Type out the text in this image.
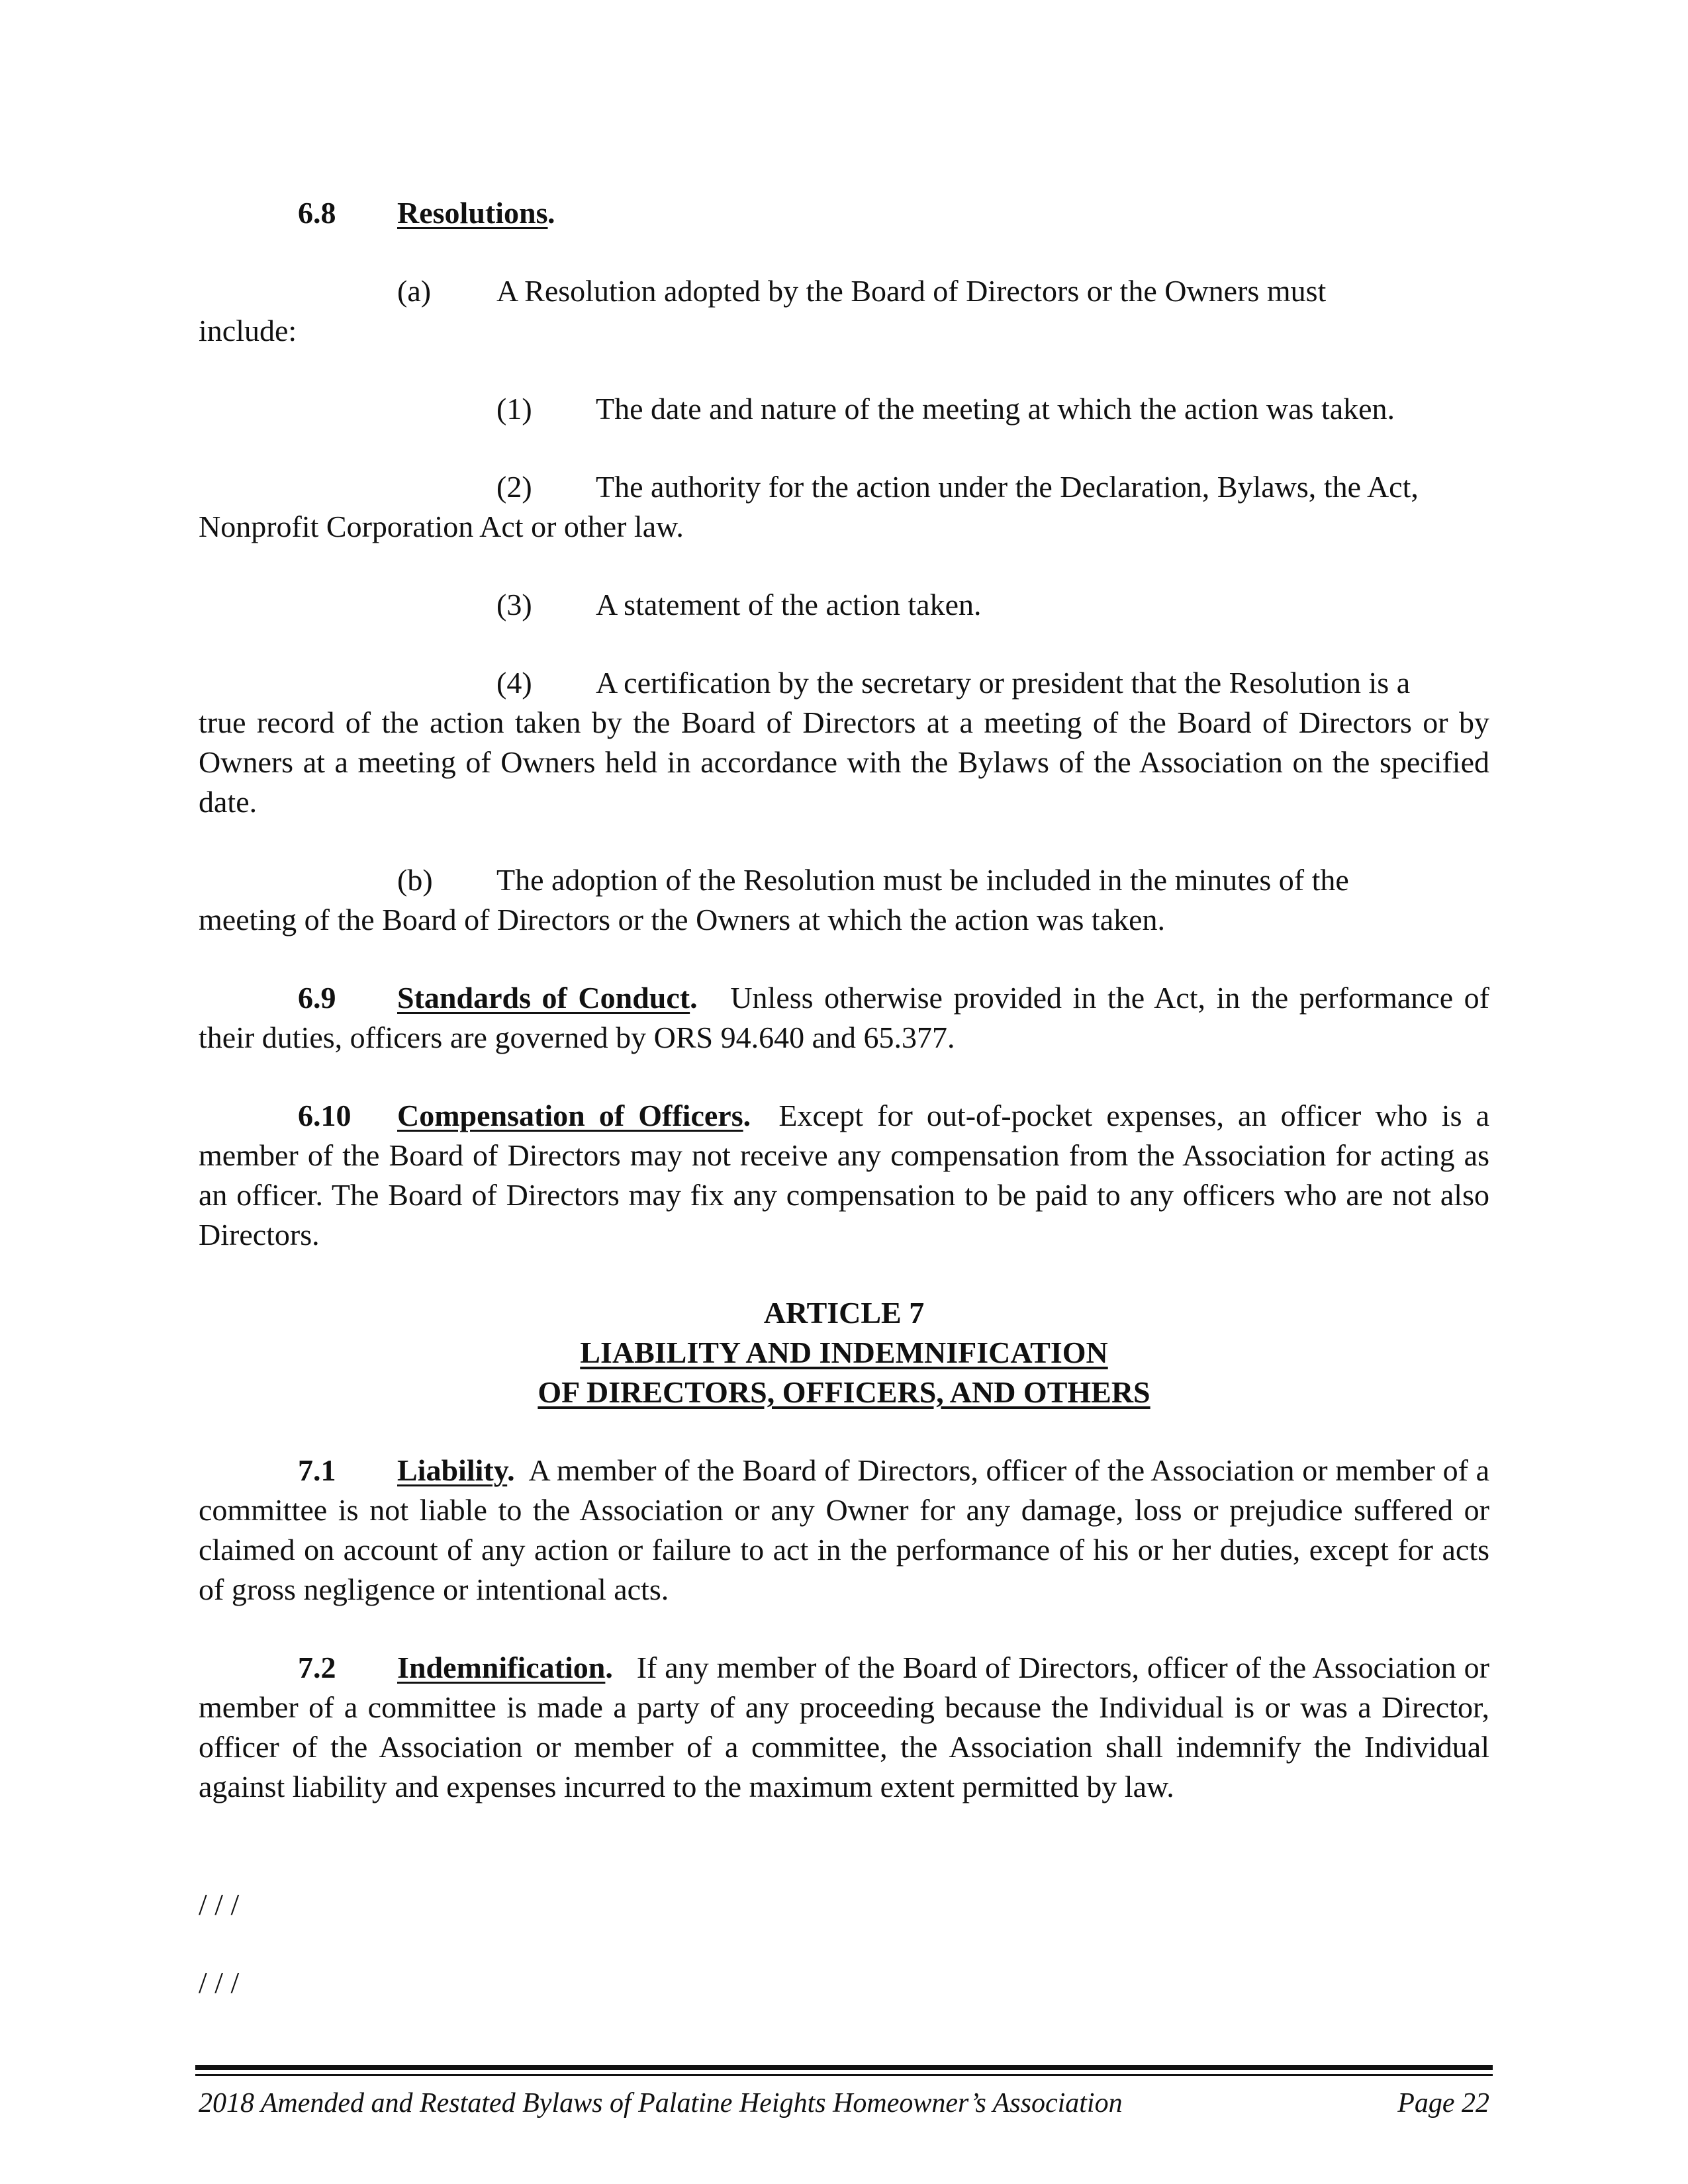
6.8 Resolutions .

(a) A Resolution adopted by the Board of Directors or the Owners must

include:

(1) The date and nature of the meeting at which the action was taken.

(2) The authority for the action under the Declaration, Bylaws, the Act,

Nonprofit Corporation Act or other law.

(3) A statement of the action taken.

(4) A certification by the secretary or president that the Resolution is a

true record of the action taken by the Board of Directors at a meeting of the Board of Directors or by Owners at a meeting of Owners held in accordance with the Bylaws of the Association on the specified date.

(b) The adoption of the Resolution must be included in the minutes of the

meeting of the Board of Directors or the Owners at which the action was taken.

6.9 Standards of Conduct. Unless otherwise provided in the Act, in the performance of their duties, officers are governed by ORS 94.640 and 65.377.

6.10 Compensation of Officers. Except for out-of-pocket expenses, an officer who is a member of the Board of Directors may not receive any compensation from the Association for acting as an officer. The Board of Directors may fix any compensation to be paid to any officers who are not also Directors.

ARTICLE 7
LIABILITY AND INDEMNIFICATION
OF DIRECTORS, OFFICERS, AND OTHERS

7.1 Liability. A member of the Board of Directors, officer of the Association or member of a committee is not liable to the Association or any Owner for any damage, loss or prejudice suffered or claimed on account of any action or failure to act in the performance of his or her duties, except for acts of gross negligence or intentional acts.

7.2 Indemnification. If any member of the Board of Directors, officer of the Association or member of a committee is made a party of any proceeding because the Individual is or was a Director, officer of the Association or member of a committee, the Association shall indemnify the Individual against liability and expenses incurred to the maximum extent permitted by law.

/ / /

/ / /

2018 Amended and Restated Bylaws of Palatine Heights Homeowner’s Association	Page 22
